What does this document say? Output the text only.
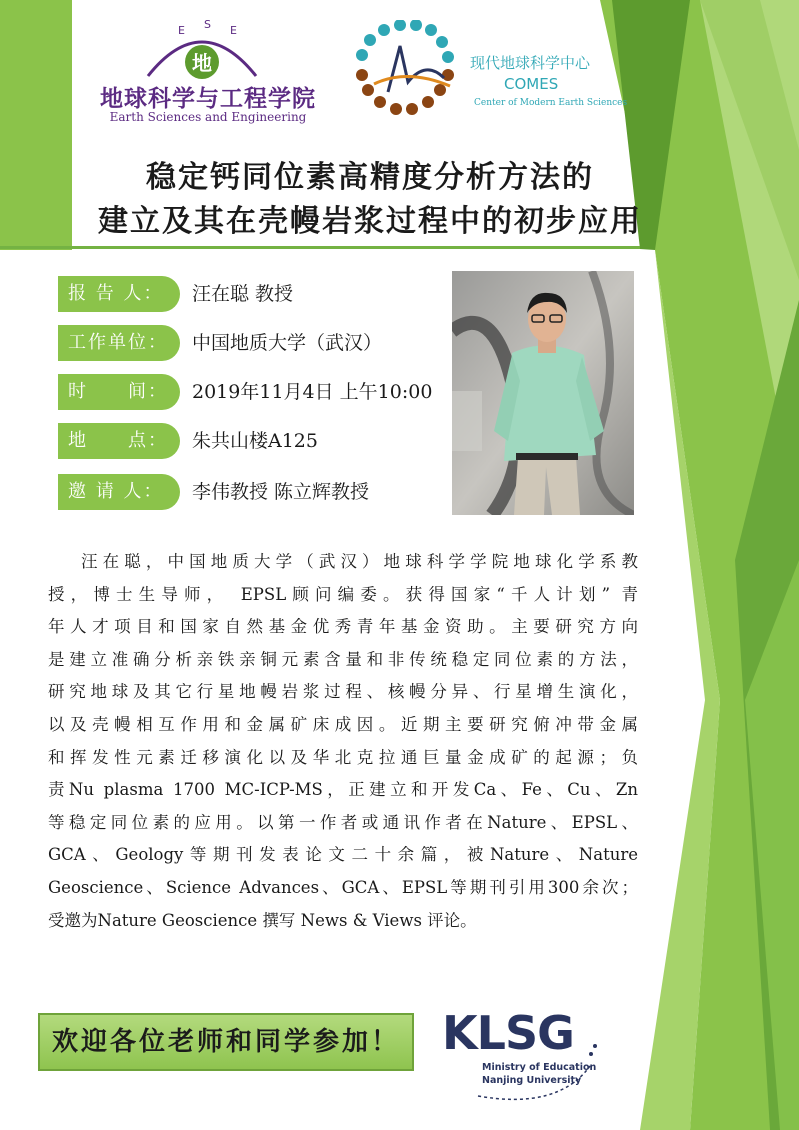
E S E
地
地球科学与工程学院
Earth Sciences and Engineering
现代地球科学中心
COMES
Center of Modern Earth Sciences
稳定钙同位素高精度分析方法的
建立及其在壳幔岩浆过程中的初步应用
报 告 人：	汪在聪 教授
工作单位：	中国地质大学（武汉）
时　　间：	2019年11月4日 上午10:00
地　　点：	朱共山楼A125
邀 请 人：	李伟教授 陈立辉教授
汪在聪，中国地质大学（武汉）地球科学学院地球化学系教
授，博士生导师， EPSL顾问编委。获得国家“千人计划” 青
年人才项目和国家自然基金优秀青年基金资助。主要研究方向
是建立准确分析亲铁亲铜元素含量和非传统稳定同位素的方法，
研究地球及其它行星地幔岩浆过程、核幔分异、行星增生演化，
以及壳幔相互作用和金属矿床成因。近期主要研究俯冲带金属
和挥发性元素迁移演化以及华北克拉通巨量金成矿的起源；负
责Nu plasma 1700 MC-ICP-MS，正建立和开发Ca、Fe、Cu、Zn
等稳定同位素的应用。以第一作者或通讯作者在Nature、EPSL、
GCA、Geology等期刊发表论文二十余篇，被Nature、Nature
Geoscience、Science Advances、GCA、EPSL等期刊引用300余次；
受邀为Nature Geoscience 撰写 News & Views 评论。
欢迎各位老师和同学参加！ KLSG
Ministry of Education
Nanjing University
